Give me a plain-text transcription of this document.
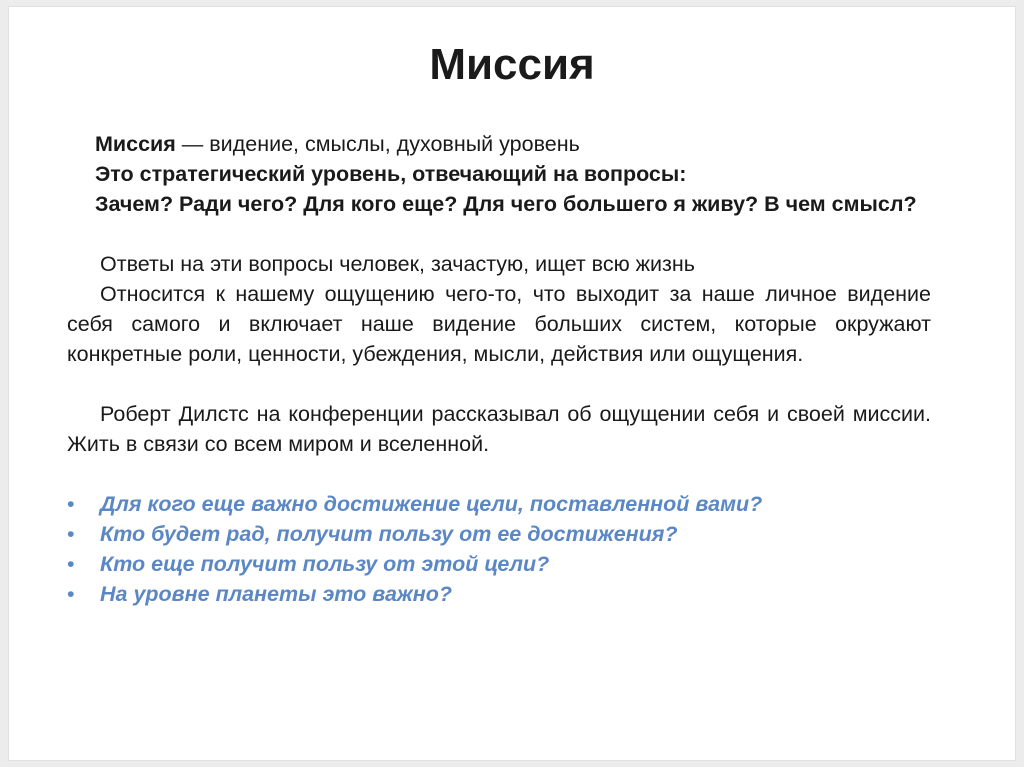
Миссия

Миссия — видение, смыслы, духовный уровень

Это стратегический уровень, отвечающий на вопросы:

Зачем? Ради чего? Для кого еще? Для чего большего я живу? В чем смысл?

Ответы на эти вопросы человек, зачастую, ищет всю жизнь

Относится к нашему ощущению чего-то, что выходит за наше личное видение себя самого и включает наше видение больших систем, которые окружают конкретные роли, ценности, убеждения, мысли, действия или ощущения.

Роберт Дилстс на конференции рассказывал об ощущении себя и своей миссии. Жить в связи со всем миром и вселенной.

• Для кого еще важно достижение цели, поставленной вами?
• Кто будет рад, получит пользу от ее достижения?
• Кто еще получит пользу от этой цели?
• На уровне планеты это важно?
